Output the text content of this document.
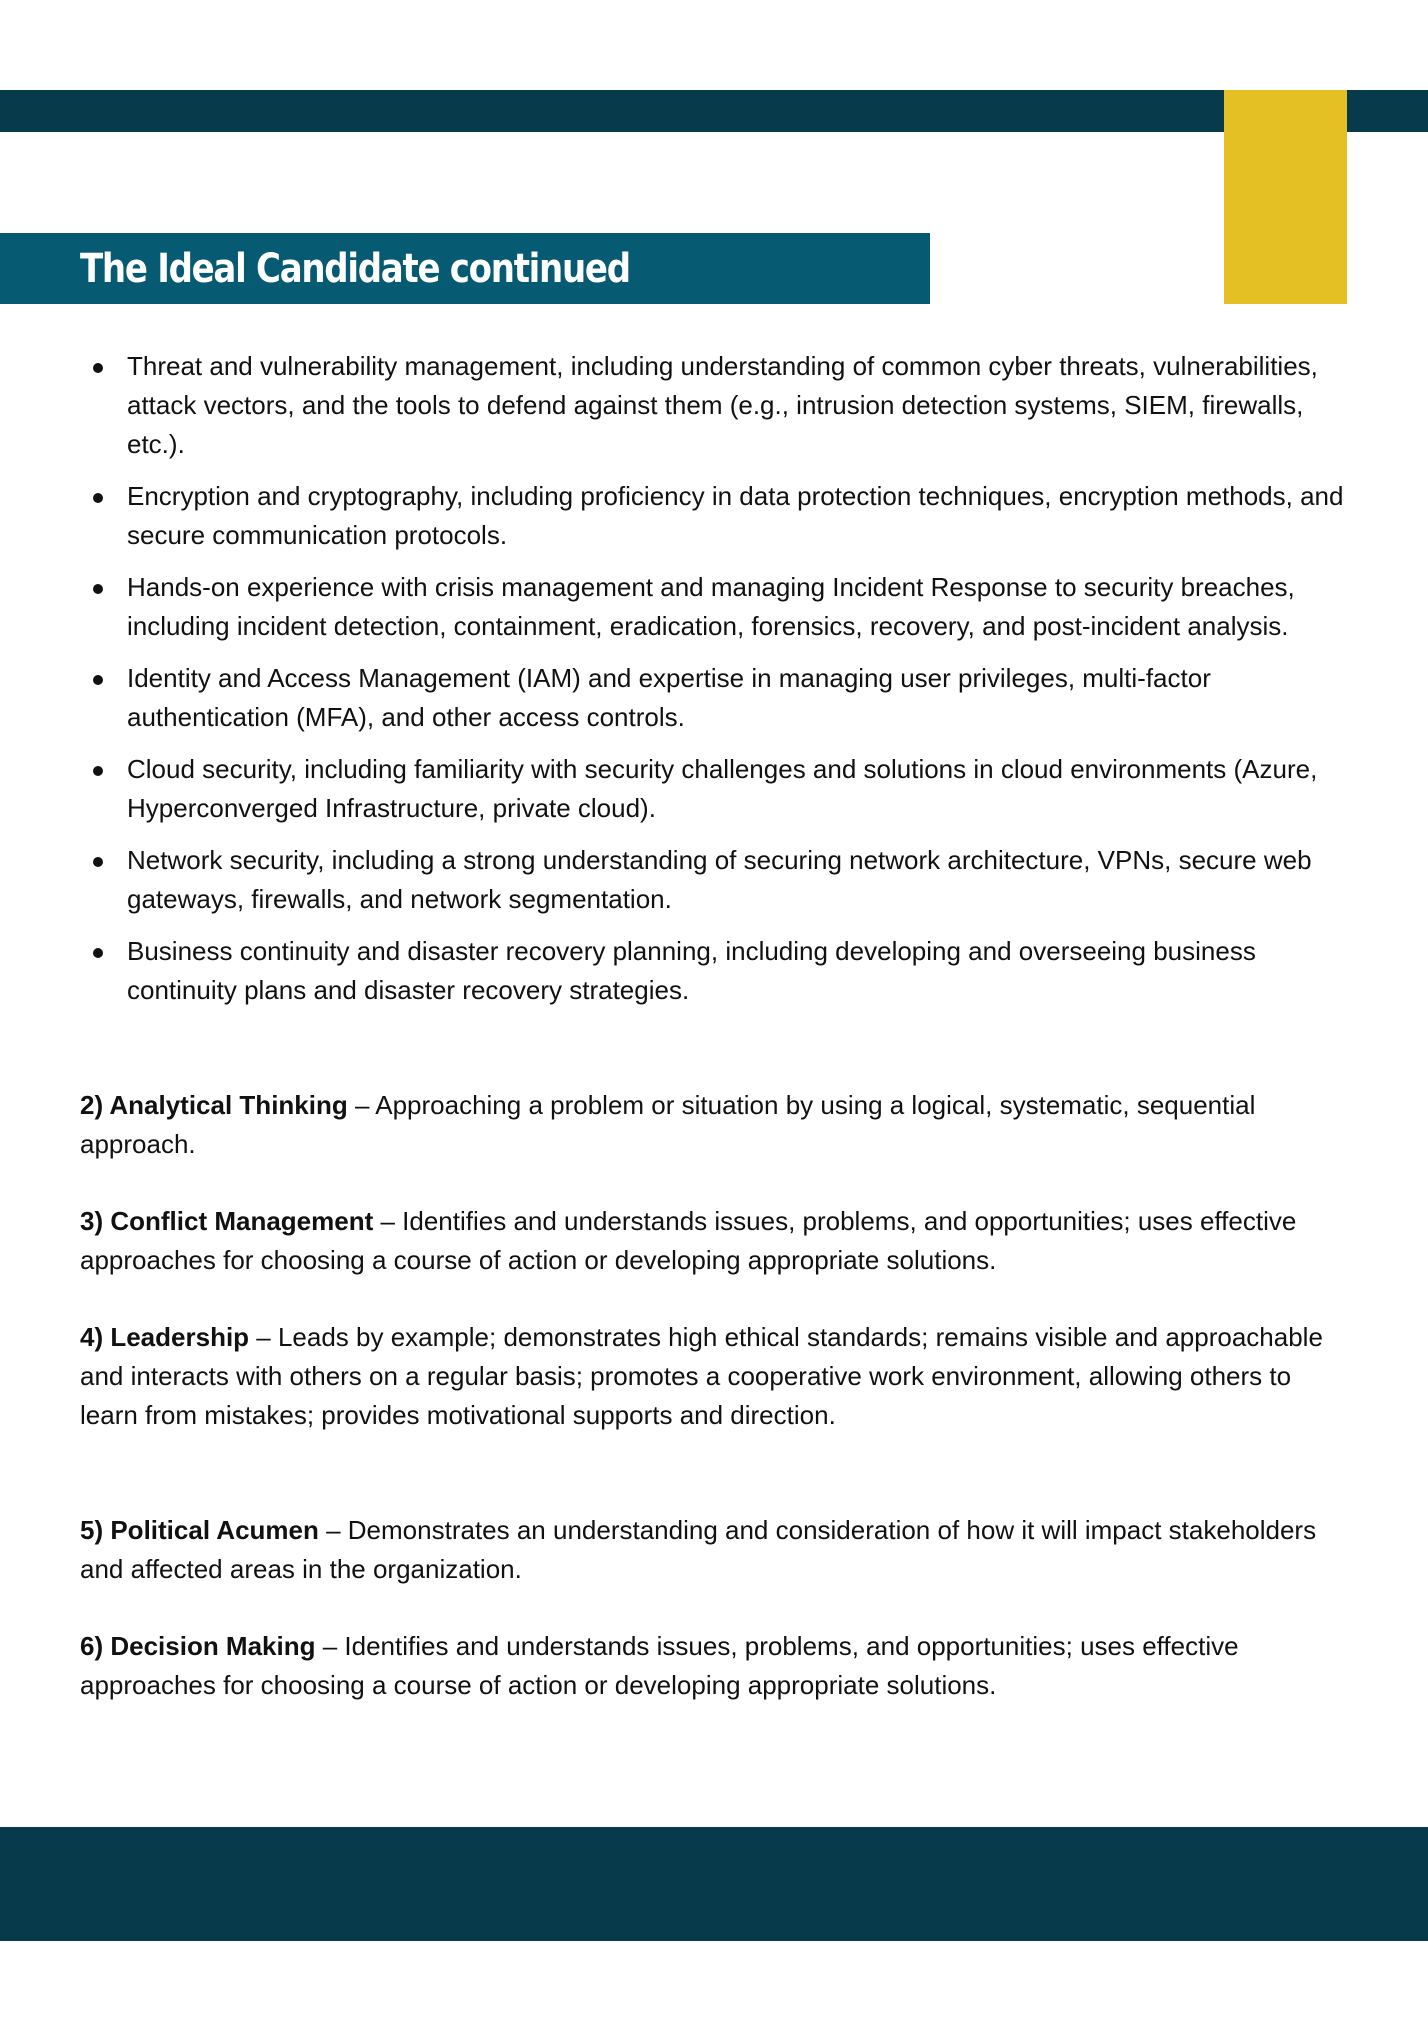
The Ideal Candidate continued
Threat and vulnerability management, including understanding of common cyber threats, vulnerabilities, attack vectors, and the tools to defend against them (e.g., intrusion detection systems, SIEM, firewalls, etc.).
Encryption and cryptography, including proficiency in data protection techniques, encryption methods, and secure communication protocols.
Hands-on experience with crisis management and managing Incident Response to security breaches, including incident detection, containment, eradication, forensics, recovery, and post-incident analysis.
Identity and Access Management (IAM) and expertise in managing user privileges, multi-factor authentication (MFA), and other access controls.
Cloud security, including familiarity with security challenges and solutions in cloud environments (Azure, Hyperconverged Infrastructure, private cloud).
Network security, including a strong understanding of securing network architecture, VPNs, secure web gateways, firewalls, and network segmentation.
Business continuity and disaster recovery planning, including developing and overseeing business continuity plans and disaster recovery strategies.

2) Analytical Thinking – Approaching a problem or situation by using a logical, systematic, sequential approach.

3) Conflict Management – Identifies and understands issues, problems, and opportunities; uses effective approaches for choosing a course of action or developing appropriate solutions.

4) Leadership – Leads by example; demonstrates high ethical standards; remains visible and approachable and interacts with others on a regular basis; promotes a cooperative work environment, allowing others to learn from mistakes; provides motivational supports and direction.

5) Political Acumen – Demonstrates an understanding and consideration of how it will impact stakeholders and affected areas in the organization.

6) Decision Making – Identifies and understands issues, problems, and opportunities; uses effective approaches for choosing a course of action or developing appropriate solutions.
